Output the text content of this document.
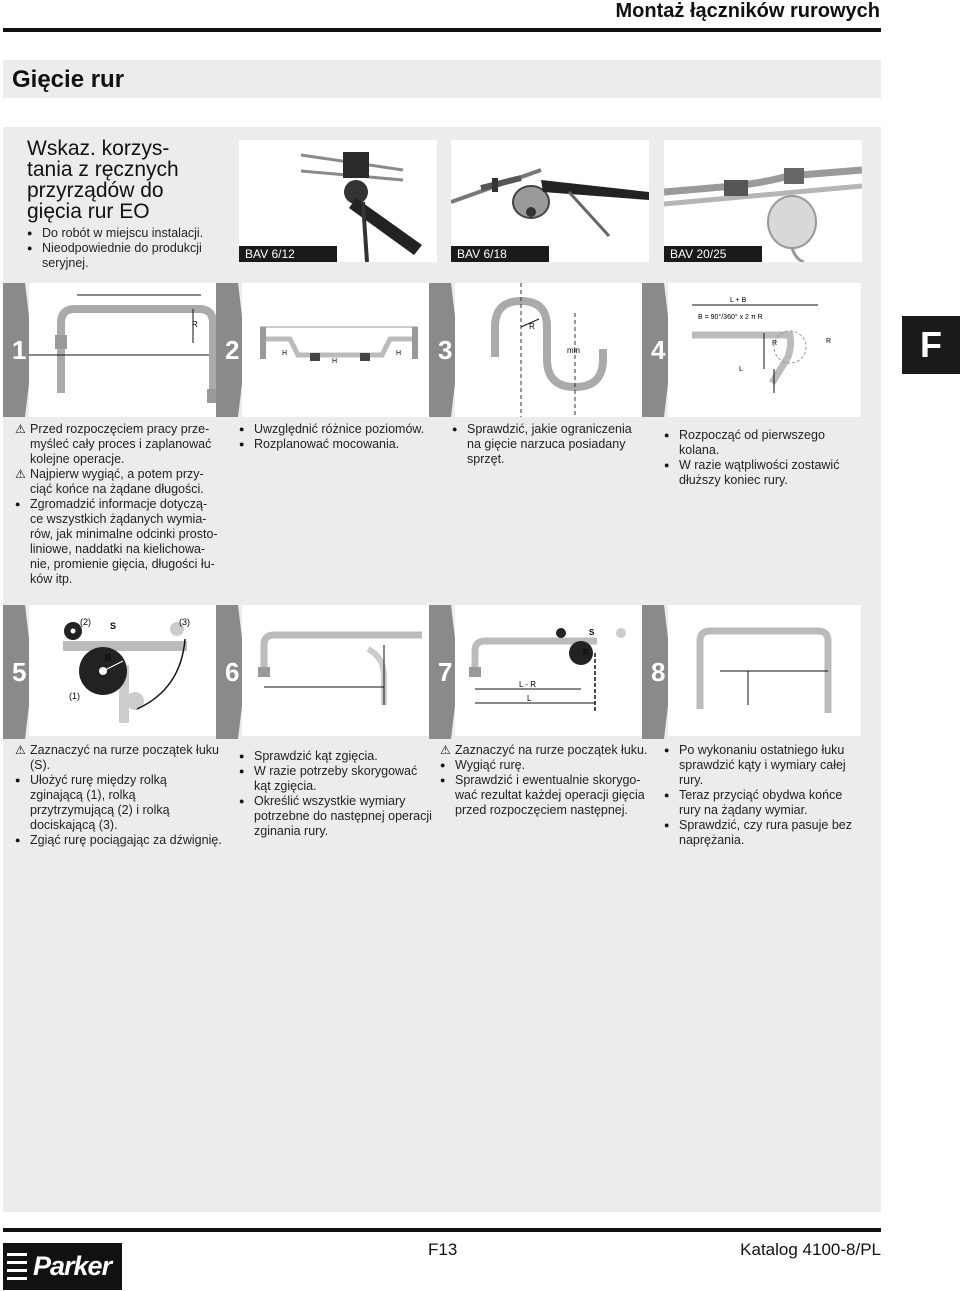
Montaż łączników rurowych
Gięcie rur
F
Wskaz. korzys-
tania z ręcznych
przyrządów do
gięcia rur EO
● Do robót w miejscu instalacji.
● Nieodpowiednie do produkcji seryjnej.
BAV 6/12	BAV 6/18	BAV 20/25
1
R
2	H
H
H 3
R
min	4
L + B
B = 90°/360° x 2 π R
R	R
L
⚠ Przed rozpoczęciem pracy prze- myśleć cały proces i zaplanować kolejne operacje.
⚠ Najpierw wygiąć, a potem przy- ciąć końce na żądane długości.
● Zgromadzić informacje dotyczą- ce wszystkich żądanych wymia- rów, jak minimalne odcinki prosto- liniowe, naddatki na kielichowa- nie, promienie gięcia, długości łu- ków itp.
● Uwzględnić różnice poziomów.
● Rozplanować mocowania.
● Sprawdzić, jakie ograniczenia na gięcie narzuca posiadany sprzęt.
● Rozpocząć od pierwszego kolana.
● W razie wątpliwości zostawić dłuższy koniec rury.
5
(2) S	(3)
R
(1)
6	7
S
R
L - R
L
8
⚠ Zaznaczyć na rurze początek łuku (S).
● Ułożyć rurę między rolką zginającą (1), rolką przytrzymującą (2) i rolką dociskającą (3).
● Zgiąć rurę pociągając za dźwignię.
● Sprawdzić kąt zgięcia.
● W razie potrzeby skorygować kąt zgięcia.
● Określić wszystkie wymiary potrzebne do następnej operacji zginania rury.
⚠ Zaznaczyć na rurze początek łuku.
● Wygiąć rurę.
● Sprawdzić i ewentualnie skorygo- wać rezultat każdej operacji gięcia przed rozpoczęciem następnej.
● Po wykonaniu ostatniego łuku sprawdzić kąty i wymiary całej rury.
● Teraz przyciąć obydwa końce rury na żądany wymiar.
● Sprawdzić, czy rura pasuje bez naprężania.
Parker
F13	Katalog 4100-8/PL
